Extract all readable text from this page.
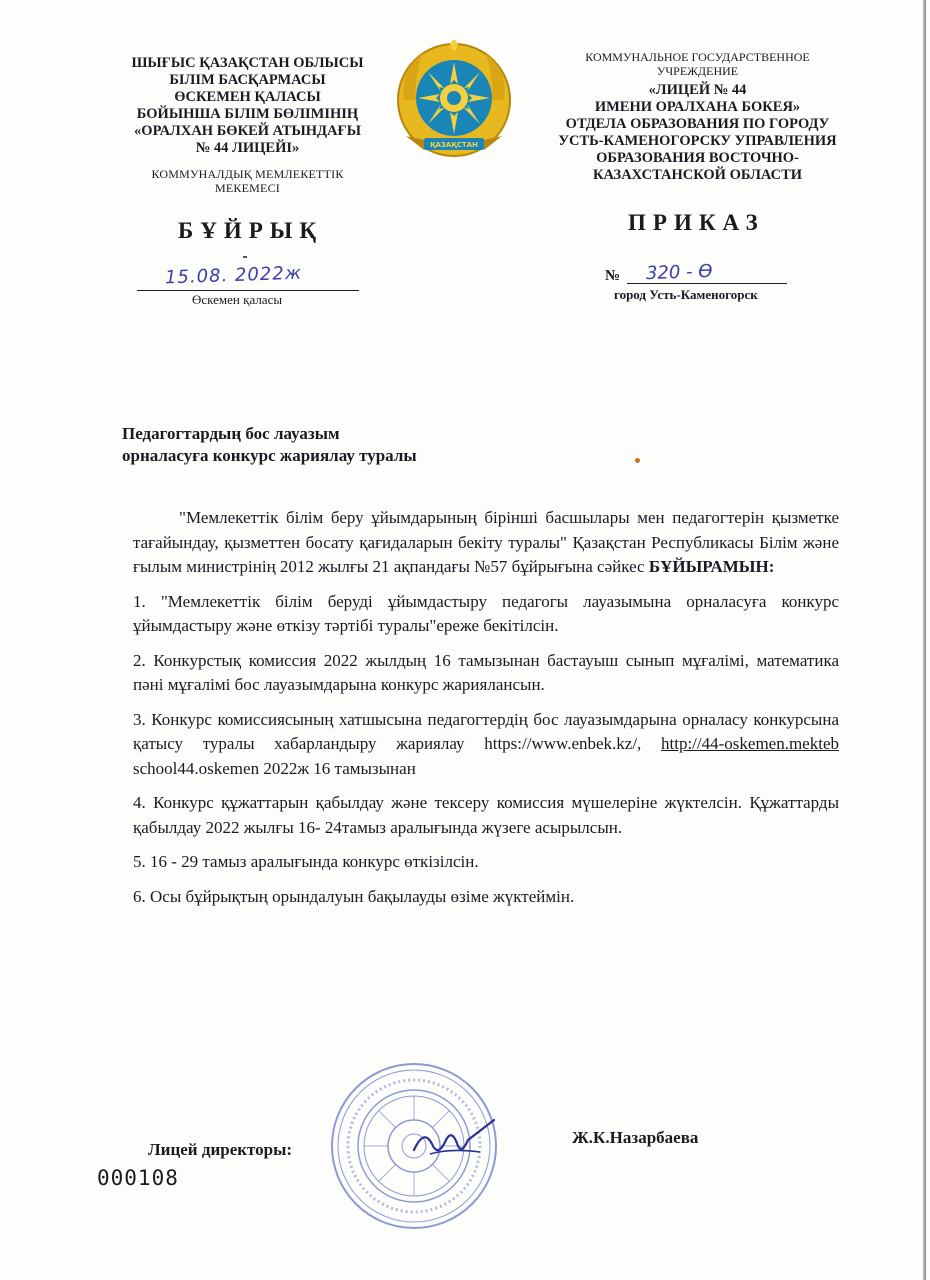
ШЫҒЫС ҚАЗАҚСТАН ОБЛЫСЫ
БІЛІМ БАСҚАРМАСЫ
ӨСКЕМЕН ҚАЛАСЫ
БОЙЫНША БІЛІМ БӨЛІМІНІҢ
«ОРАЛХАН БӨКЕЙ АТЫНДАҒЫ
№ 44 ЛИЦЕЙІ»
КОММУНАЛДЫҚ МЕМЛЕКЕТТІК
МЕКЕМЕСІ
ҚАЗАҚСТАН
КОММУНАЛЬНОЕ ГОСУДАРСТВЕННОЕ
УЧРЕЖДЕНИЕ
«ЛИЦЕЙ № 44
ИМЕНИ ОРАЛХАНА БОКЕЯ»
ОТДЕЛА ОБРАЗОВАНИЯ ПО ГОРОДУ
УСТЬ-КАМЕНОГОРСКУ УПРАВЛЕНИЯ
ОБРАЗОВАНИЯ ВОСТОЧНО-
КАЗАХСТАНСКОЙ ОБЛАСТИ
БҰЙРЫҚ	ПРИКАЗ
15.08. 2022ж
Өскемен қаласы
№ 320 - Ө
город Усть-Каменогорск
Педагогтардың бос лауазым
орналасуға конкурс жариялау туралы

"Мемлекеттік білім беру ұйымдарының бірінші басшылары мен педагогтерін қызметке тағайындау, қызметтен босату қағидаларын бекіту туралы" Қазақстан Республикасы Білім және ғылым министрінің 2012 жылғы 21 ақпандағы №57 бұйрығына сәйкес БҰЙЫРАМЫН:

1. "Мемлекеттік білім беруді ұйымдастыру педагогы лауазымына орналасуға конкурс ұйымдастыру және өткізу тәртібі туралы"ереже бекітілсін.

2. Конкурстық комиссия 2022 жылдың 16 тамызынан бастауыш сынып мұғалімі, математика пәні мұғалімі бос лауазымдарына конкурс жариялансын.

3. Конкурс комиссиясының хатшысына педагогтердің бос лауазымдарына орналасу конкурсына қатысу туралы хабарландыру жариялау https://www.enbek.kz/, http://44-oskemen.mekteb school44.oskemen 2022ж 16 тамызынан

4. Конкурс құжаттарын қабылдау және тексеру комиссия мүшелеріне жүктелсін. Құжаттарды қабылдау 2022 жылғы 16- 24тамыз аралығында жүзеге асырылсын.

5. 16 - 29 тамыз аралығында конкурс өткізілсін.

6. Осы бұйрықтың орындалуын бақылауды өзіме жүктеймін.

Лицей директоры:
Ж.К.Назарбаева
000108
